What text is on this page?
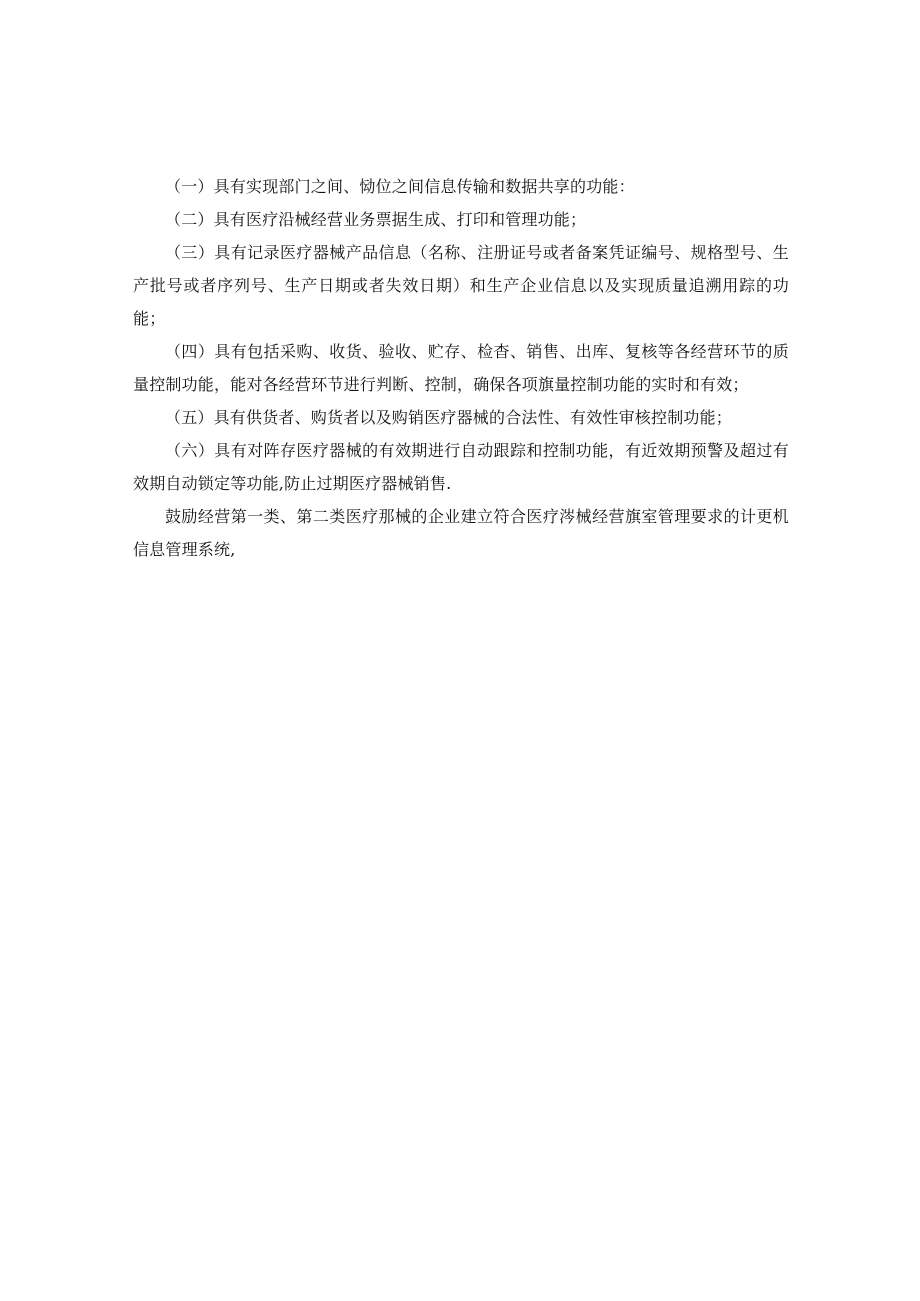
（一）具有实现部门之间、恸位之间信息传输和数据共享的功能：

（二）具有医疗沿械经营业务票据生成、打印和管理功能；

（三）具有记录医疗器械产品信息（名称、注册证号或者备案凭证编号、规格型号、生产批号或者序列号、生产日期或者失效日期）和生产企业信息以及实现质量追溯用踪的功能；

（四）具有包括采购、收货、验收、贮存、检杳、销售、出库、复核等各经营环节的质量控制功能，能对各经营环节进行判断、控制，确保各项旗量控制功能的实时和有效；

（五）具有供货者、购货者以及购销医疗器械的合法性、有效性审核控制功能；

（六）具有对阵存医疗器械的有效期进行自动跟踪和控制功能，有近效期预警及超过有效期自动锁定等功能,防止过期医疗器械销售.

鼓励经营第一类、第二类医疗那械的企业建立符合医疗涔械经营旗室管理要求的计更机信息管理系统,
